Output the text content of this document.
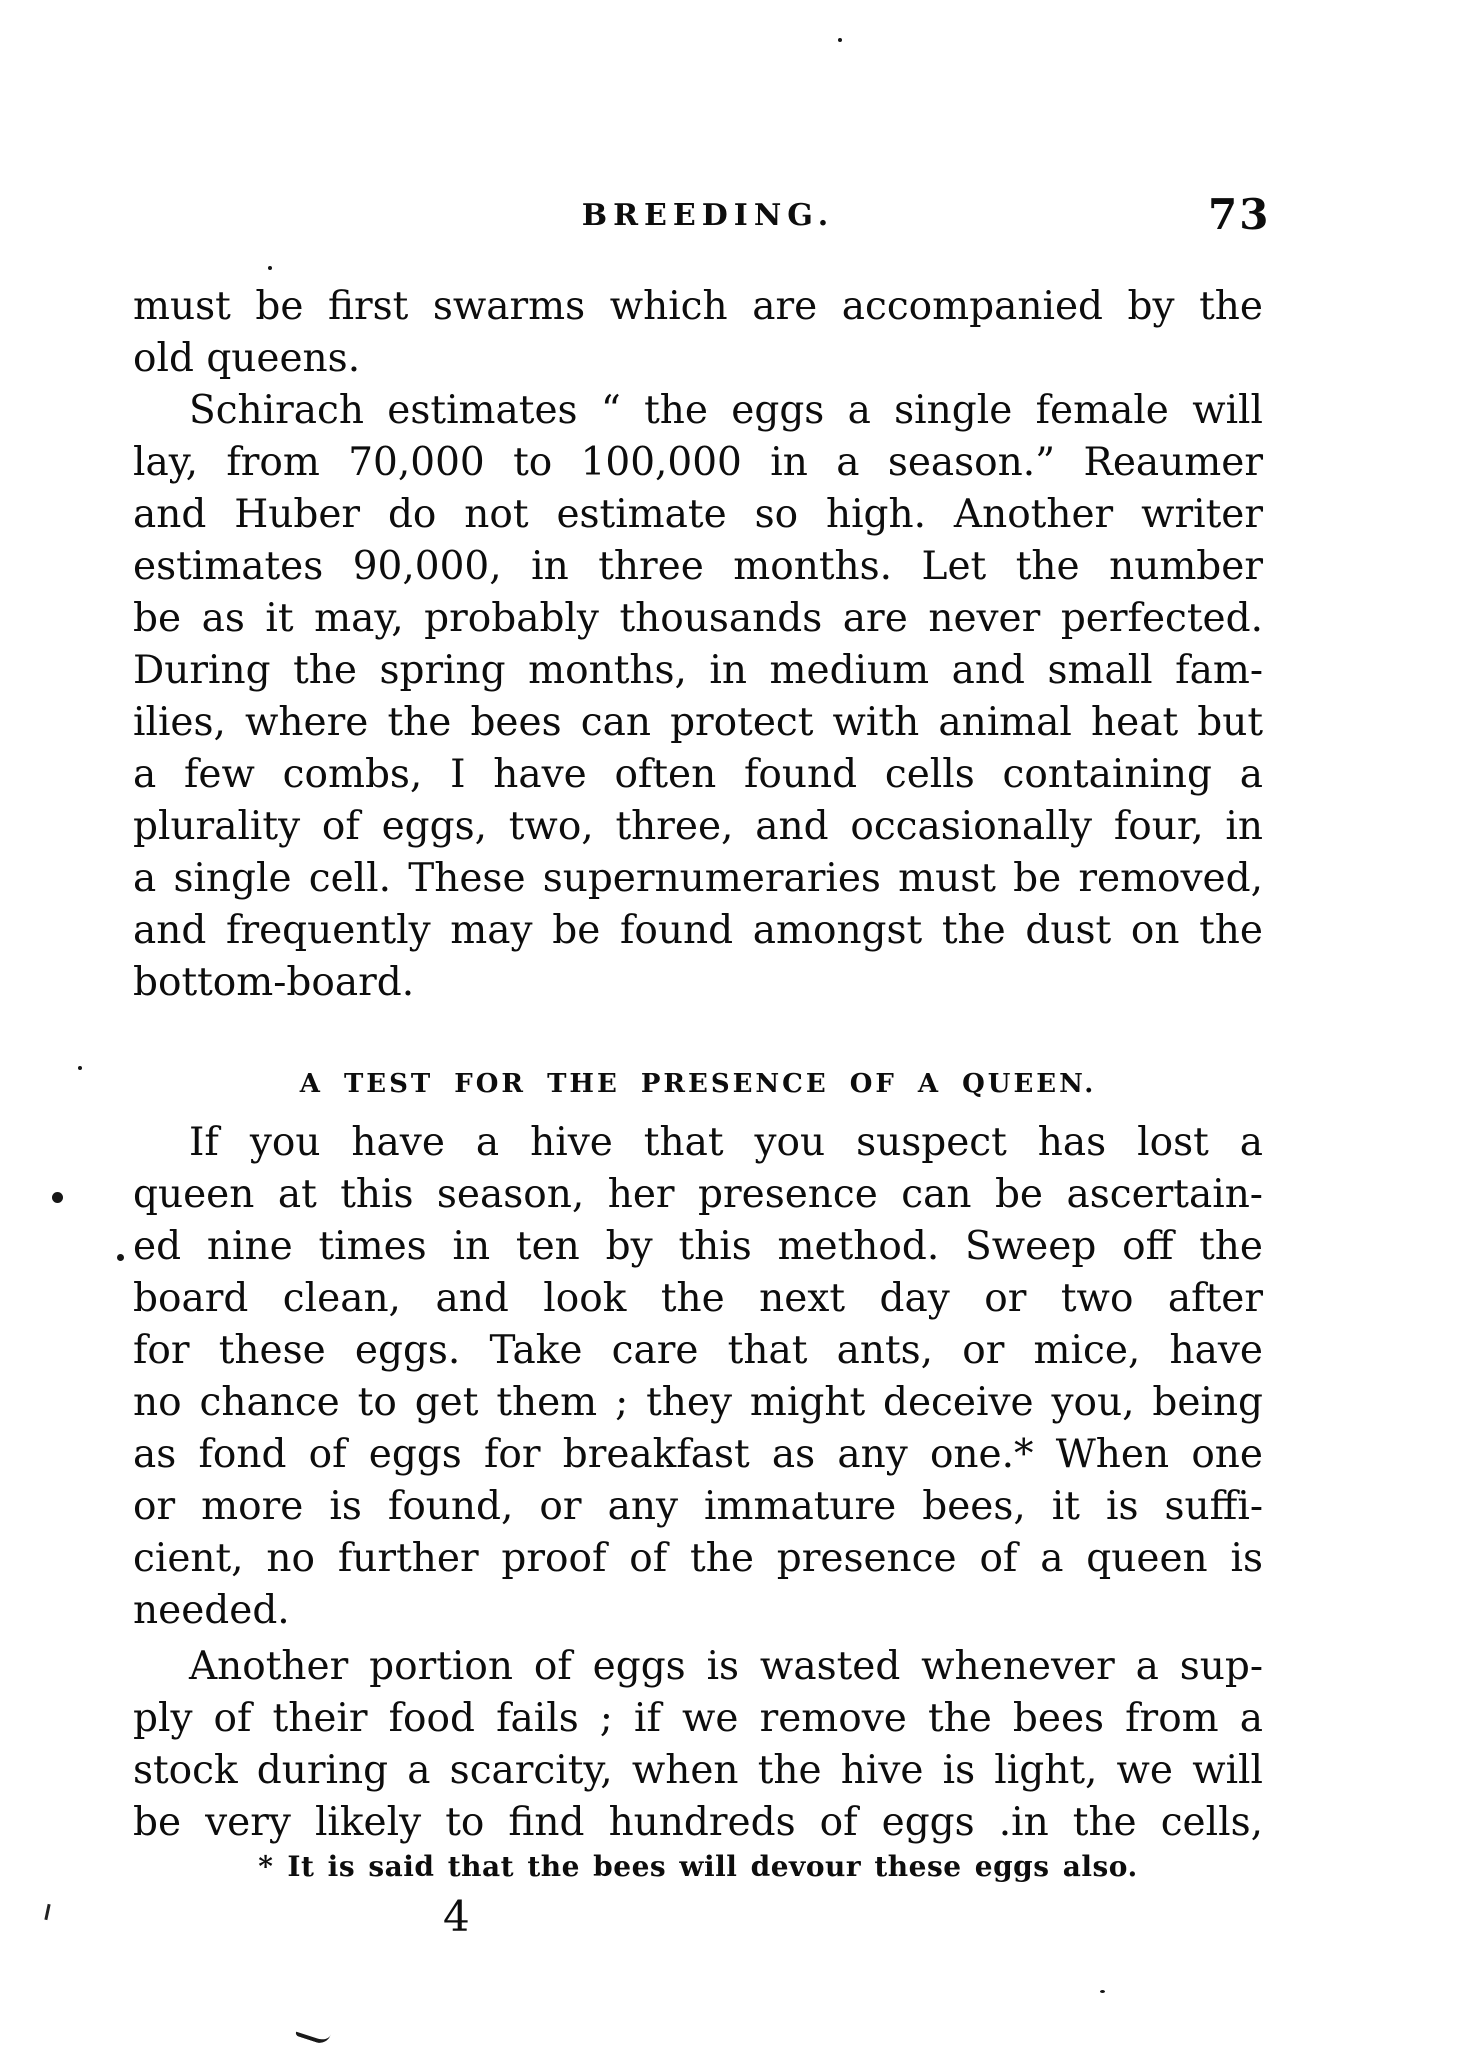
BREEDING.	73
must be first swarms which are accompanied by the
old queens.
Schirach estimates “ the eggs a single female will
lay, from 70,000 to 100,000 in a season.” Reaumer
and Huber do not estimate so high. Another writer
estimates 90,000, in three months. Let the number
be as it may, probably thousands are never perfected.
During the spring months, in medium and small fam-
ilies, where the bees can protect with animal heat but
a few combs, I have often found cells containing a
plurality of eggs, two, three, and occasionally four, in
a single cell. These supernumeraries must be removed,
and frequently may be found amongst the dust on the
bottom-board.
A TEST FOR THE PRESENCE OF A QUEEN.
If you have a hive that you suspect has lost a
queen at this season, her presence can be ascertain-
ed nine times in ten by this method. Sweep off the
board clean, and look the next day or two after
for these eggs. Take care that ants, or mice, have
no chance to get them ; they might deceive you, being
as fond of eggs for breakfast as any one.* When one
or more is found, or any immature bees, it is suffi-
cient, no further proof of the presence of a queen is
needed.
Another portion of eggs is wasted whenever a sup-
ply of their food fails ; if we remove the bees from a
stock during a scarcity, when the hive is light, we will
be very likely to find hundreds of eggs .in the cells,
* It is said that the bees will devour these eggs also.
4
